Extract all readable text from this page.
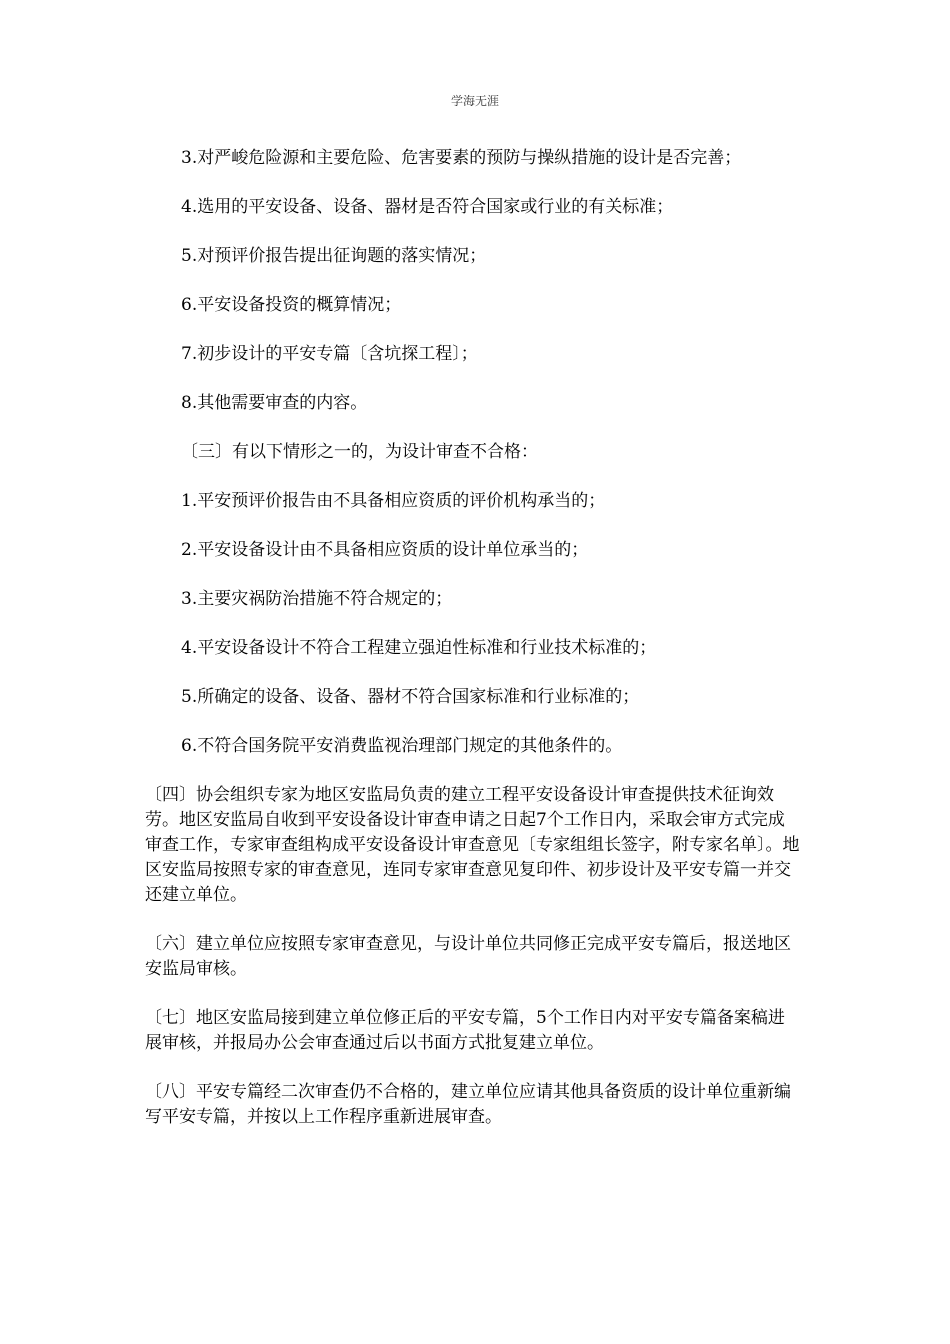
学海无涯

3.对严峻危险源和主要危险、危害要素的预防与操纵措施的设计是否完善；

4.选用的平安设备、设备、器材是否符合国家或行业的有关标准；

5.对预评价报告提出征询题的落实情况；

6.平安设备投资的概算情况；

7.初步设计的平安专篇〔含坑探工程〕；

8.其他需要审查的内容。

〔三〕有以下情形之一的，为设计审查不合格：

1.平安预评价报告由不具备相应资质的评价机构承当的；

2.平安设备设计由不具备相应资质的设计单位承当的；

3.主要灾祸防治措施不符合规定的；

4.平安设备设计不符合工程建立强迫性标准和行业技术标准的；

5.所确定的设备、设备、器材不符合国家标准和行业标准的；

6.不符合国务院平安消费监视治理部门规定的其他条件的。

〔四〕协会组织专家为地区安监局负责的建立工程平安设备设计审查提供技术征询效劳。地区安监局自收到平安设备设计审查申请之日起7个工作日内，采取会审方式完成审查工作，专家审查组构成平安设备设计审查意见〔专家组组长签字，附专家名单〕。地区安监局按照专家的审查意见，连同专家审查意见复印件、初步设计及平安专篇一并交还建立单位。

〔六〕建立单位应按照专家审查意见，与设计单位共同修正完成平安专篇后，报送地区安监局审核。

〔七〕地区安监局接到建立单位修正后的平安专篇，5个工作日内对平安专篇备案稿进展审核，并报局办公会审查通过后以书面方式批复建立单位。

〔八〕平安专篇经二次审查仍不合格的，建立单位应请其他具备资质的设计单位重新编写平安专篇，并按以上工作程序重新进展审查。
